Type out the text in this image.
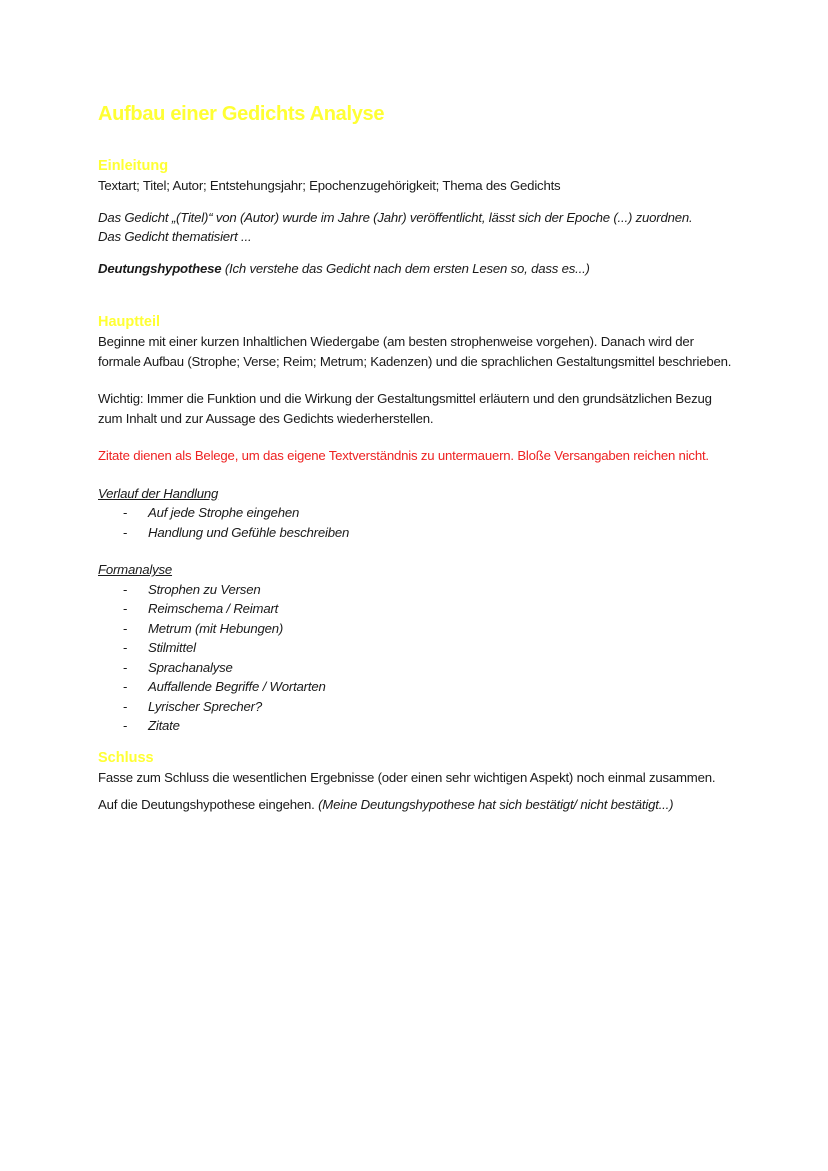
Aufbau einer Gedichts Analyse
Einleitung

Textart; Titel; Autor; Entstehungsjahr; Epochenzugehörigkeit; Thema des Gedichts

Das Gedicht „(Titel)“ von (Autor) wurde im Jahre (Jahr) veröffentlicht, lässt sich der Epoche (...) zuordnen.
Das Gedicht thematisiert ...

Deutungshypothese (Ich verstehe das Gedicht nach dem ersten Lesen so, dass es...)

Hauptteil

Beginne mit einer kurzen Inhaltlichen Wiedergabe (am besten strophenweise vorgehen). Danach wird der formale Aufbau (Strophe; Verse; Reim; Metrum; Kadenzen) und die sprachlichen Gestaltungsmittel beschrieben.

Wichtig: Immer die Funktion und die Wirkung der Gestaltungsmittel erläutern und den grundsätzlichen Bezug zum Inhalt und zur Aussage des Gedichts wiederherstellen.

Zitate dienen als Belege, um das eigene Textverständnis zu untermauern. Bloße Versangaben reichen nicht.

Verlauf der Handlung

- Auf jede Strophe eingehen
- Handlung und Gefühle beschreiben

Formanalyse

- Strophen zu Versen
- Reimschema / Reimart
- Metrum (mit Hebungen)
- Stilmittel
- Sprachanalyse
- Auffallende Begriffe / Wortarten
- Lyrischer Sprecher?
- Zitate
Schluss

Fasse zum Schluss die wesentlichen Ergebnisse (oder einen sehr wichtigen Aspekt) noch einmal zusammen.

Auf die Deutungshypothese eingehen. (Meine Deutungshypothese hat sich bestätigt/ nicht bestätigt...)
